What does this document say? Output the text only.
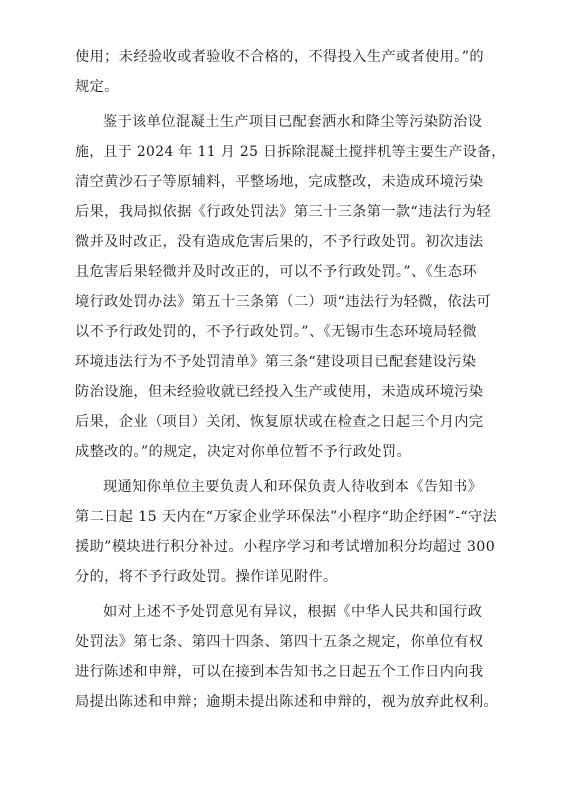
使用；未经验收或者验收不合格的，不得投入生产或者使用。”的

规定。

鉴于该单位混凝土生产项目已配套洒水和降尘等污染防治设

施，且于 2024 年 11 月 25 日拆除混凝土搅拌机等主要生产设备，

清空黄沙石子等原辅料，平整场地，完成整改，未造成环境污染

后果，我局拟依据《行政处罚法》第三十三条第一款“违法行为轻

微并及时改正，没有造成危害后果的，不予行政处罚。初次违法

且危害后果轻微并及时改正的，可以不予行政处罚。”、《生态环

境行政处罚办法》第五十三条第（二）项“违法行为轻微，依法可

以不予行政处罚的，不予行政处罚。”、《无锡市生态环境局轻微

环境违法行为不予处罚清单》第三条“建设项目已配套建设污染

防治设施，但未经验收就已经投入生产或使用，未造成环境污染

后果，企业（项目）关闭、恢复原状或在检查之日起三个月内完

成整改的。”的规定，决定对你单位暂不予行政处罚。

现通知你单位主要负责人和环保负责人待收到本《告知书》

第二日起 15 天内在“万家企业学环保法”小程序“助企纾困”-“守法

援助”模块进行积分补过。小程序学习和考试增加积分均超过 300

分的，将不予行政处罚。操作详见附件。

如对上述不予处罚意见有异议，根据《中华人民共和国行政

处罚法》第七条、第四十四条、第四十五条之规定，你单位有权

进行陈述和申辩，可以在接到本告知书之日起五个工作日内向我

局提出陈述和申辩；逾期未提出陈述和申辩的，视为放弃此权利。
